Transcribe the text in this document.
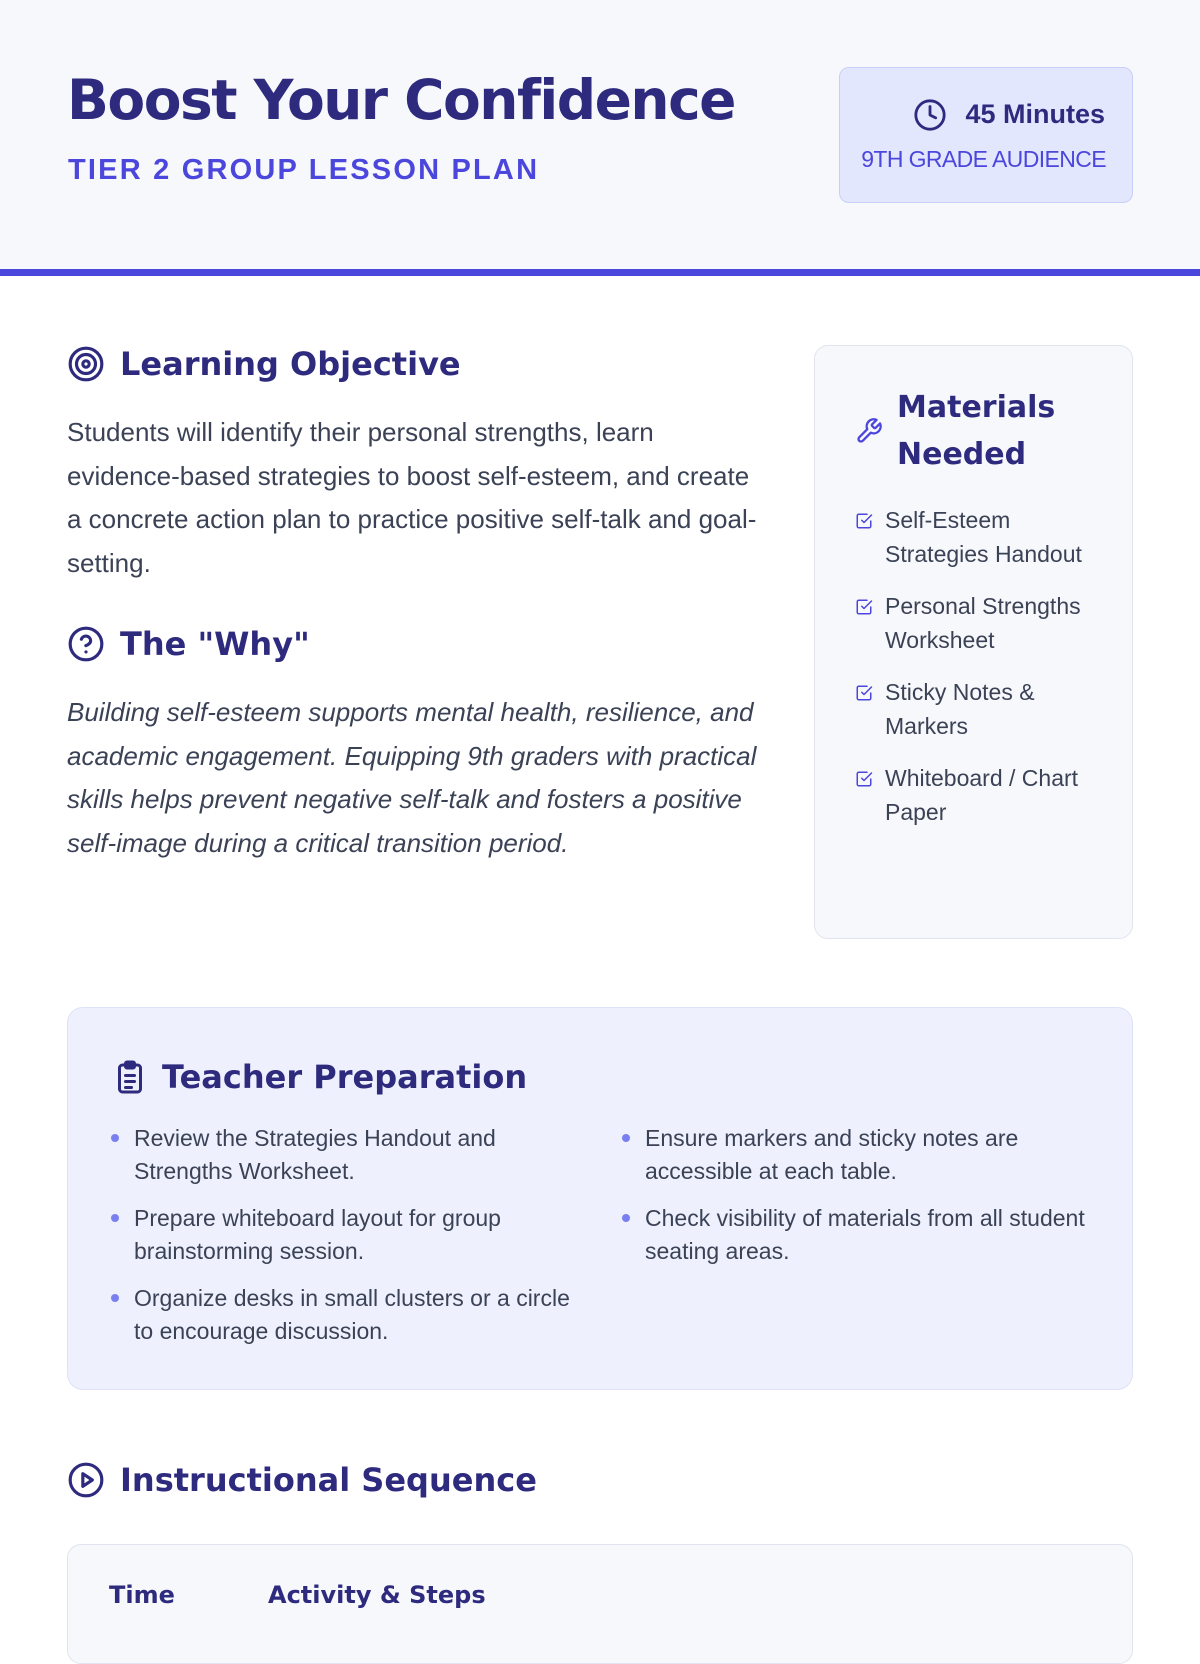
Boost Your Confidence
TIER 2 GROUP LESSON PLAN
45 Minutes
9TH GRADE AUDIENCE
Learning Objective

Students will identify their personal strengths, learn evidence-based strategies to boost self-esteem, and create a concrete action plan to practice positive self-talk and goal-setting.

The "Why"

Building self-esteem supports mental health, resilience, and academic engagement. Equipping 9th graders with practical skills helps prevent negative self-talk and fosters a positive self-image during a critical transition period.

Materials Needed
Self-Esteem Strategies Handout
Personal Strengths Worksheet
Sticky Notes & Markers
Whiteboard / Chart Paper
Teacher Preparation
Review the Strategies Handout and Strengths Worksheet.
Prepare whiteboard layout for group brainstorming session.
Organize desks in small clusters or a circle to encourage discussion.
Ensure markers and sticky notes are accessible at each table.
Check visibility of materials from all student seating areas.
Instructional Sequence
Time	Activity & Steps
